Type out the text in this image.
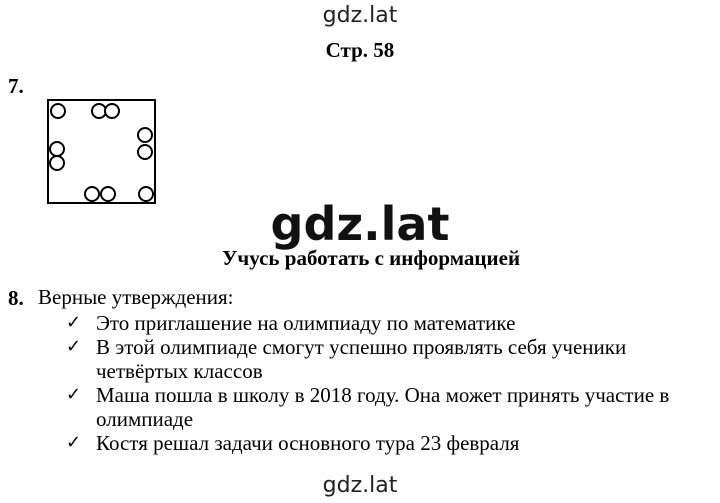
gdz.lat
Стр. 58
7.
gdz.lat
Учусь работать с информацией
8. Верные утверждения:
✓ Это приглашение на олимпиаду по математике
✓ В этой олимпиаде смогут успешно проявлять себя ученики четвёртых классов
✓ Маша пошла в школу в 2018 году. Она может принять участие в олимпиаде
✓ Костя решал задачи основного тура 23 февраля
gdz.lat
